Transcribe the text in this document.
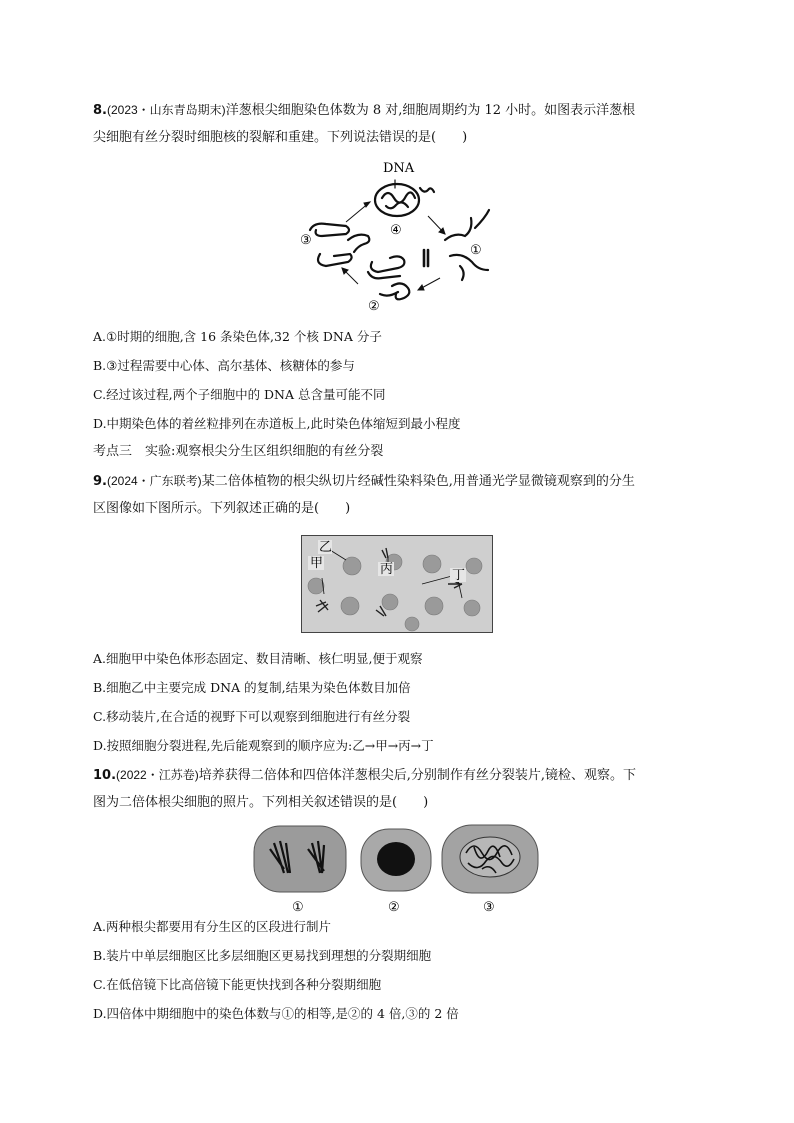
8.(2023・山东青岛期末)洋葱根尖细胞染色体数为 8 对,细胞周期约为 12 小时。如图表示洋葱根
尖细胞有丝分裂时细胞核的裂解和重建。下列说法错误的是(　　)
DNA
④
①
②
③
A.①时期的细胞,含 16 条染色体,32 个核 DNA 分子
B.③过程需要中心体、高尔基体、核糖体的参与
C.经过该过程,两个子细胞中的 DNA 总含量可能不同
D.中期染色体的着丝粒排列在赤道板上,此时染色体缩短到最小程度
考点三　实验:观察根尖分生区组织细胞的有丝分裂
9.(2024・广东联考)某二倍体植物的根尖纵切片经碱性染料染色,用普通光学显微镜观察到的分生
区图像如下图所示。下列叙述正确的是(　　)
乙
甲	丙	丁
A.细胞甲中染色体形态固定、数目清晰、核仁明显,便于观察
B.细胞乙中主要完成 DNA 的复制,结果为染色体数目加倍
C.移动装片,在合适的视野下可以观察到细胞进行有丝分裂
D.按照细胞分裂进程,先后能观察到的顺序应为:乙→甲→丙→丁
10.(2022・江苏卷)培养获得二倍体和四倍体洋葱根尖后,分别制作有丝分裂装片,镜检、观察。下
图为二倍体根尖细胞的照片。下列相关叙述错误的是(　　)
①	②	③
A.两种根尖都要用有分生区的区段进行制片
B.装片中单层细胞区比多层细胞区更易找到理想的分裂期细胞
C.在低倍镜下比高倍镜下能更快找到各种分裂期细胞
D.四倍体中期细胞中的染色体数与①的相等,是②的 4 倍,③的 2 倍
